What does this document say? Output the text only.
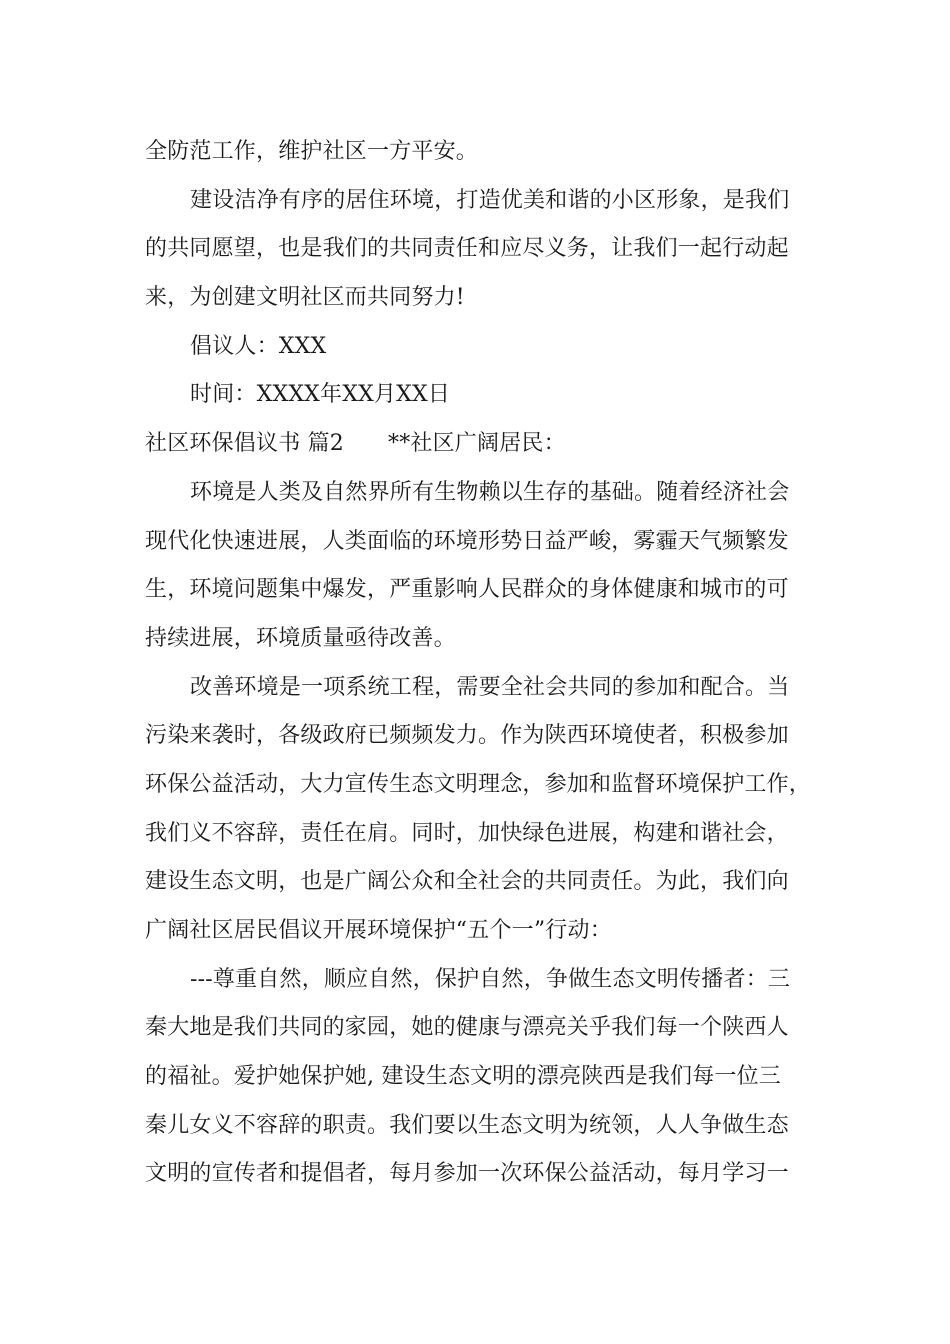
全防范工作，维护社区一方平安。
建设洁净有序的居住环境，打造优美和谐的小区形象，是我们
的共同愿望，也是我们的共同责任和应尽义务，让我们一起行动起
来，为创建文明社区而共同努力!
倡议人：XXX
时间：XXXX年XX月XX日
社区环保倡议书 篇2 **社区广阔居民：
环境是人类及自然界所有生物赖以生存的基础。随着经济社会
现代化快速进展，人类面临的环境形势日益严峻，雾霾天气频繁发
生，环境问题集中爆发，严重影响人民群众的身体健康和城市的可
持续进展，环境质量亟待改善。
改善环境是一项系统工程，需要全社会共同的参加和配合。当
污染来袭时，各级政府已频频发力。作为陕西环境使者，积极参加
环保公益活动，大力宣传生态文明理念，参加和监督环境保护工作，
我们义不容辞，责任在肩。同时，加快绿色进展，构建和谐社会，
建设生态文明，也是广阔公众和全社会的共同责任。为此，我们向
广阔社区居民倡议开展环境保护“五个一”行动：
---尊重自然，顺应自然，保护自然，争做生态文明传播者：三
秦大地是我们共同的家园，她的健康与漂亮关乎我们每一个陕西人
的福祉。爱护她保护她, 建设生态文明的漂亮陕西是我们每一位三
秦儿女义不容辞的职责。我们要以生态文明为统领，人人争做生态
文明的宣传者和提倡者，每月参加一次环保公益活动，每月学习一
